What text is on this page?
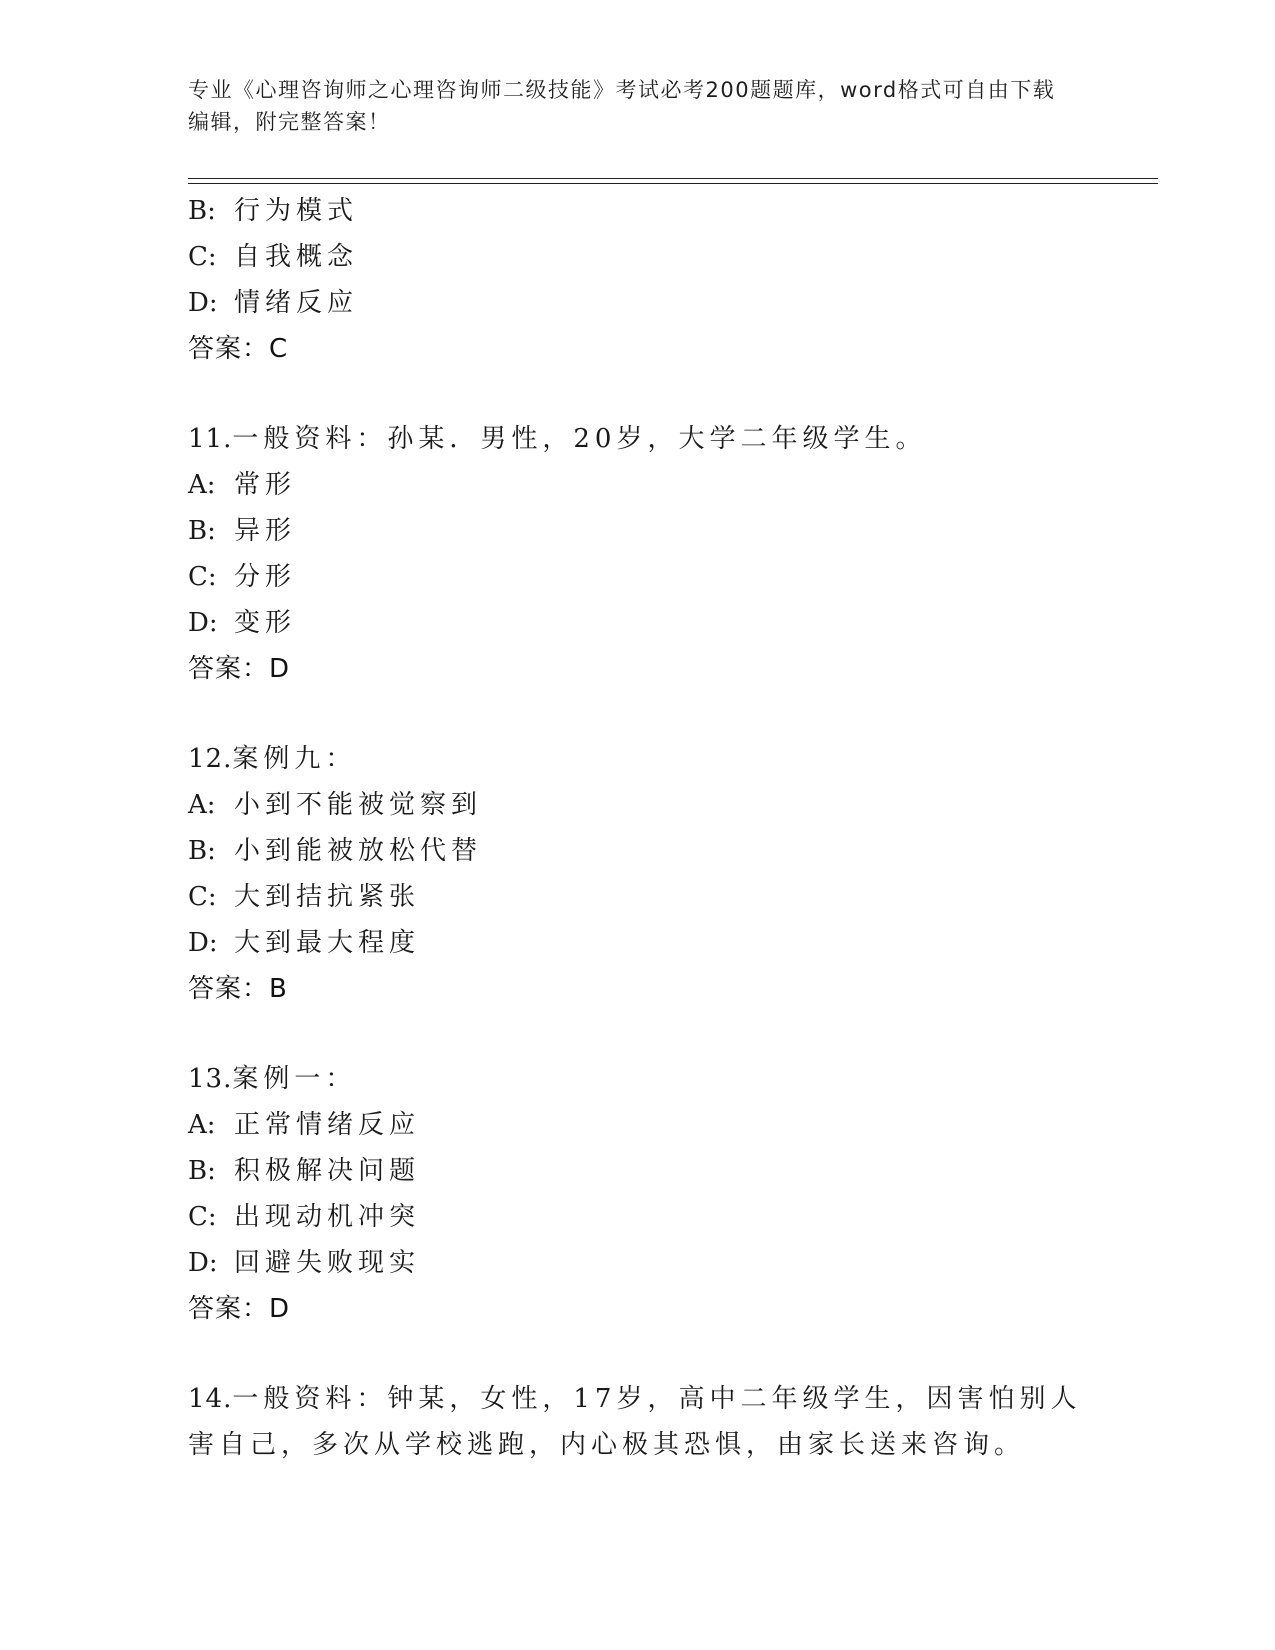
专业《心理咨询师之心理咨询师二级技能》考试必考200题题库，word格式可自由下载编辑，附完整答案！
B: 行为模式
C: 自我概念
D: 情绪反应
答案：C
11.一般资料：孙某．男性，20岁，大学二年级学生。
A: 常形
B: 异形
C: 分形
D: 变形
答案：D
12.案例九：
A: 小到不能被觉察到
B: 小到能被放松代替
C: 大到拮抗紧张
D: 大到最大程度
答案：B
13.案例一：
A: 正常情绪反应
B: 积极解决问题
C: 出现动机冲突
D: 回避失败现实
答案：D
14.一般资料：钟某，女性，17岁，高中二年级学生，因害怕别人害自己，多次从学校逃跑，内心极其恐惧，由家长送来咨询。
